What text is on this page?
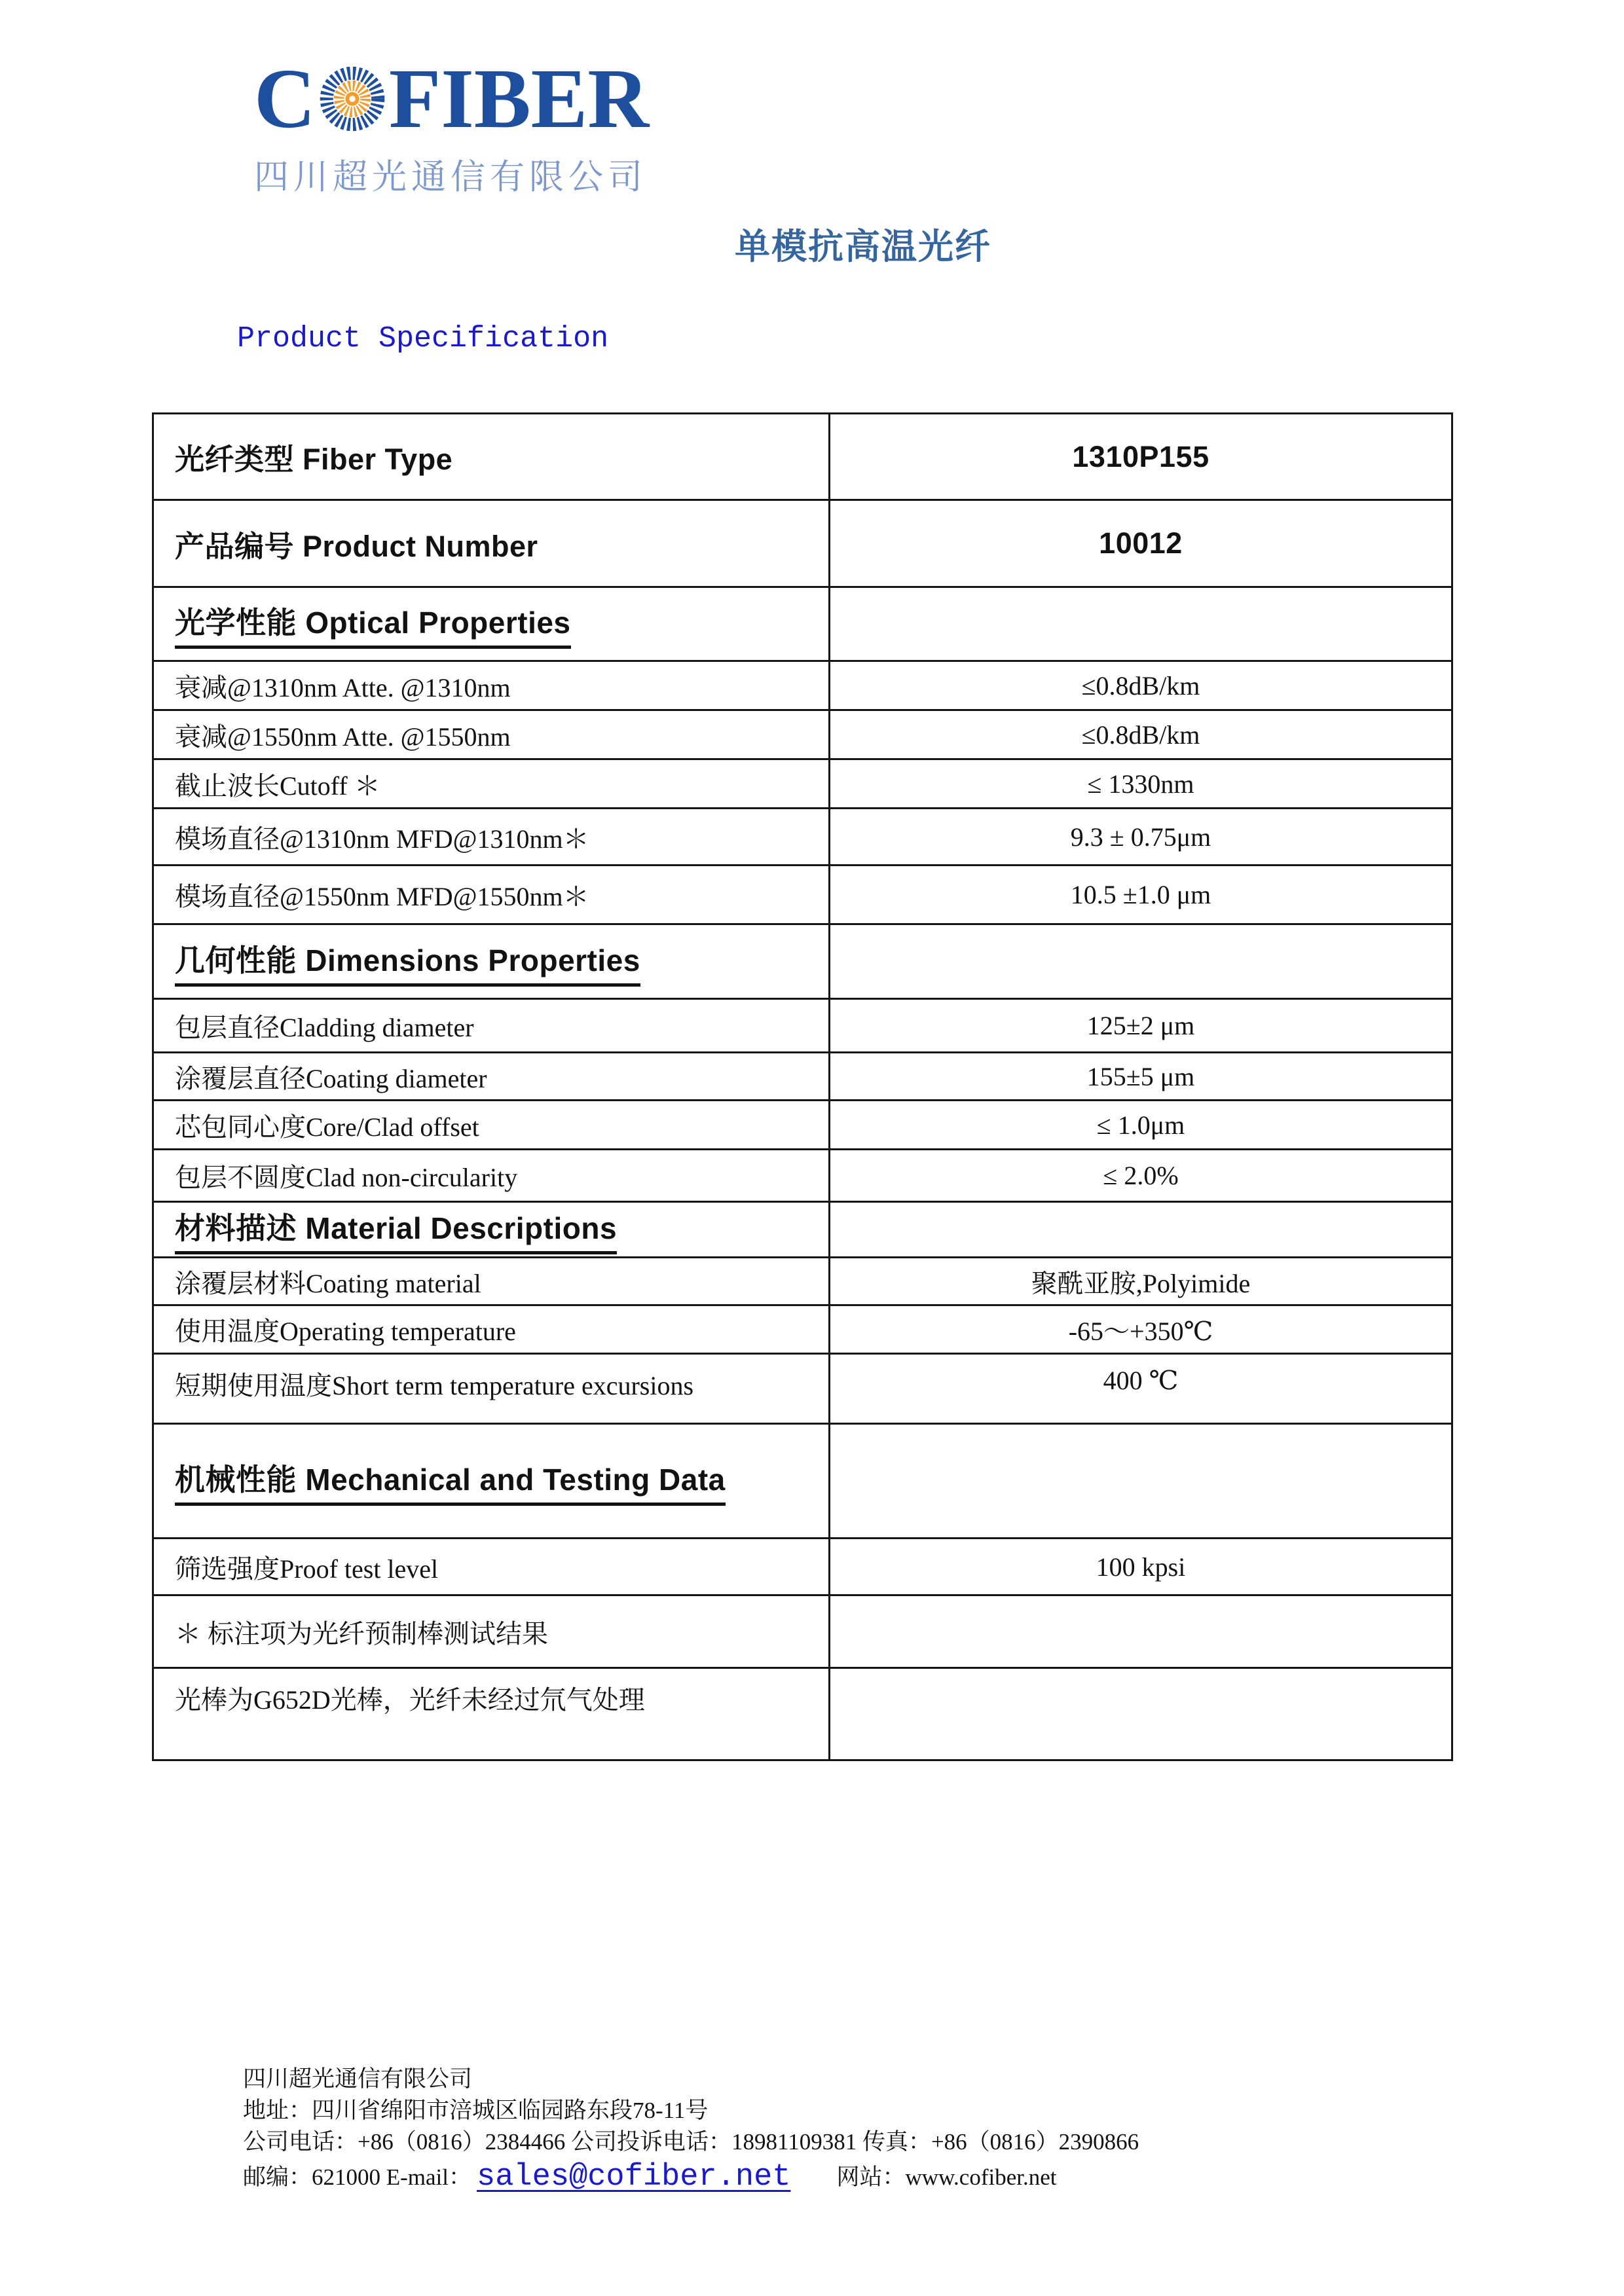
C FIBER
四川超光通信有限公司
单模抗高温光纤
Product Specification
光纤类型 Fiber Type	1310P155
产品编号 Product Number	10012
光学性能 Optical Properties	
衰减@1310nm Atte. @1310nm	≤0.8dB/km
衰减@1550nm Atte. @1550nm	≤0.8dB/km
截止波长Cutoff ＊	≤ 1330nm
模场直径@1310nm MFD@1310nm＊	9.3 ± 0.75μm
模场直径@1550nm MFD@1550nm＊	10.5 ±1.0 μm
几何性能 Dimensions Properties	
包层直径Cladding diameter	125±2 μm
涂覆层直径Coating diameter	155±5 μm
芯包同心度Core/Clad offset	≤ 1.0μm
包层不圆度Clad non-circularity	≤ 2.0%
材料描述 Material Descriptions	
涂覆层材料Coating material	聚酰亚胺,Polyimide
使用温度Operating temperature	-65～+350℃
短期使用温度Short term temperature excursions	400 ℃
机械性能 Mechanical and Testing Data	
筛选强度Proof test level	100 kpsi
＊ 标注项为光纤预制棒测试结果	
光棒为G652D光棒，光纤未经过氘气处理	
四川超光通信有限公司
地址：四川省绵阳市涪城区临园路东段78-11号
公司电话：+86（0816）2384466 公司投诉电话：18981109381 传真：+86（0816）2390866
邮编：621000 E-mail： sales@cofiber.net 网站：www.cofiber.net
